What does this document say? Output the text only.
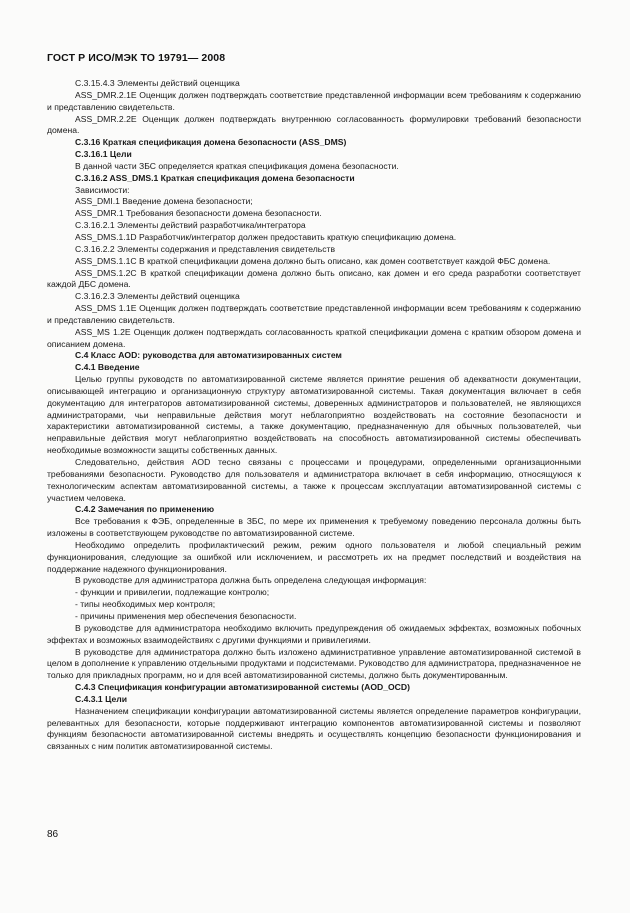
ГОСТ Р ИСО/МЭК ТО 19791— 2008

C.3.15.4.3 Элементы действий оценщика

ASS_DMR.2.1E Оценщик должен подтверждать соответствие представленной информации всем требованиям к содержанию и представлению свидетельств.

ASS_DMR.2.2E Оценщик должен подтверждать внутреннюю согласованность формулировки требований безопасности домена.

C.3.16 Краткая спецификация домена безопасности (ASS_DMS)

C.3.16.1 Цели

В данной части ЗБС определяется краткая спецификация домена безопасности.

C.3.16.2 ASS_DMS.1 Краткая спецификация домена безопасности

Зависимости:

ASS_DMI.1 Введение домена безопасности;

ASS_DMR.1 Требования безопасности домена безопасности.

C.3.16.2.1 Элементы действий разработчика/интегратора

ASS_DMS.1.1D Разработчик/интегратор должен предоставить краткую спецификацию домена.

C.3.16.2.2 Элементы содержания и представления свидетельств

ASS_DMS.1.1C В краткой спецификации домена должно быть описано, как домен соответствует каждой ФБС домена.

ASS_DMS.1.2C В краткой спецификации домена должно быть описано, как домен и его среда разработки соответствует каждой ДБС домена.

C.3.16.2.3 Элементы действий оценщика

ASS_DMS 1.1E Оценщик должен подтверждать соответствие представленной информации всем требованиям к содержанию и представлению свидетельств.

ASS_MS 1.2E Оценщик должен подтверждать согласованность краткой спецификации домена с кратким обзором домена и описанием домена.

C.4 Класс AOD: руководства для автоматизированных систем

C.4.1 Введение

Целью группы руководств по автоматизированной системе является принятие решения об адекватности документации, описывающей интеграцию и организационную структуру автоматизированной системы. Такая документация включает в себя документацию для интеграторов автоматизированной системы, доверенных администраторов и пользователей, не являющихся администраторами, чьи неправильные действия могут неблагоприятно воздействовать на состояние безопасности и характеристики автоматизированной системы, а также документацию, предназначенную для обычных пользователей, чьи неправильные действия могут неблагоприятно воздействовать на способность автоматизированной системы обеспечивать необходимые возможности защиты собственных данных.

Следовательно, действия AOD тесно связаны с процессами и процедурами, определенными организационными требованиями безопасности. Руководство для пользователя и администратора включает в себя информацию, относящуюся к технологическим аспектам автоматизированной системы, а также к процессам эксплуатации автоматизированной системы с участием человека.

C.4.2 Замечания по применению

Все требования к ФЭБ, определенные в ЗБС, по мере их применения к требуемому поведению персонала должны быть изложены в соответствующем руководстве по автоматизированной системе.

Необходимо определить профилактический режим, режим одного пользователя и любой специальный режим функционирования, следующие за ошибкой или исключением, и рассмотреть их на предмет последствий и воздействия на поддержание надежного функционирования.

В руководстве для администратора должна быть определена следующая информация:

- функции и привилегии, подлежащие контролю;

- типы необходимых мер контроля;

- причины применения мер обеспечения безопасности.

В руководстве для администратора необходимо включить предупреждения об ожидаемых эффектах, возможных побочных эффектах и возможных взаимодействиях с другими функциями и привилегиями.

В руководстве для администратора должно быть изложено административное управление автоматизированной системой в целом в дополнение к управлению отдельными продуктами и подсистемами. Руководство для администратора, предназначенное не только для прикладных программ, но и для всей автоматизированной системы, должно быть документированным.

C.4.3 Спецификация конфигурации автоматизированной системы (AOD_OCD)

C.4.3.1 Цели

Назначением спецификации конфигурации автоматизированной системы является определение параметров конфигурации, релевантных для безопасности, которые поддерживают интеграцию компонентов автоматизированной системы и позволяют функциям безопасности автоматизированной системы внедрять и осуществлять концепцию безопасности функционирования и связанных с ним политик автоматизированной системы.

86
